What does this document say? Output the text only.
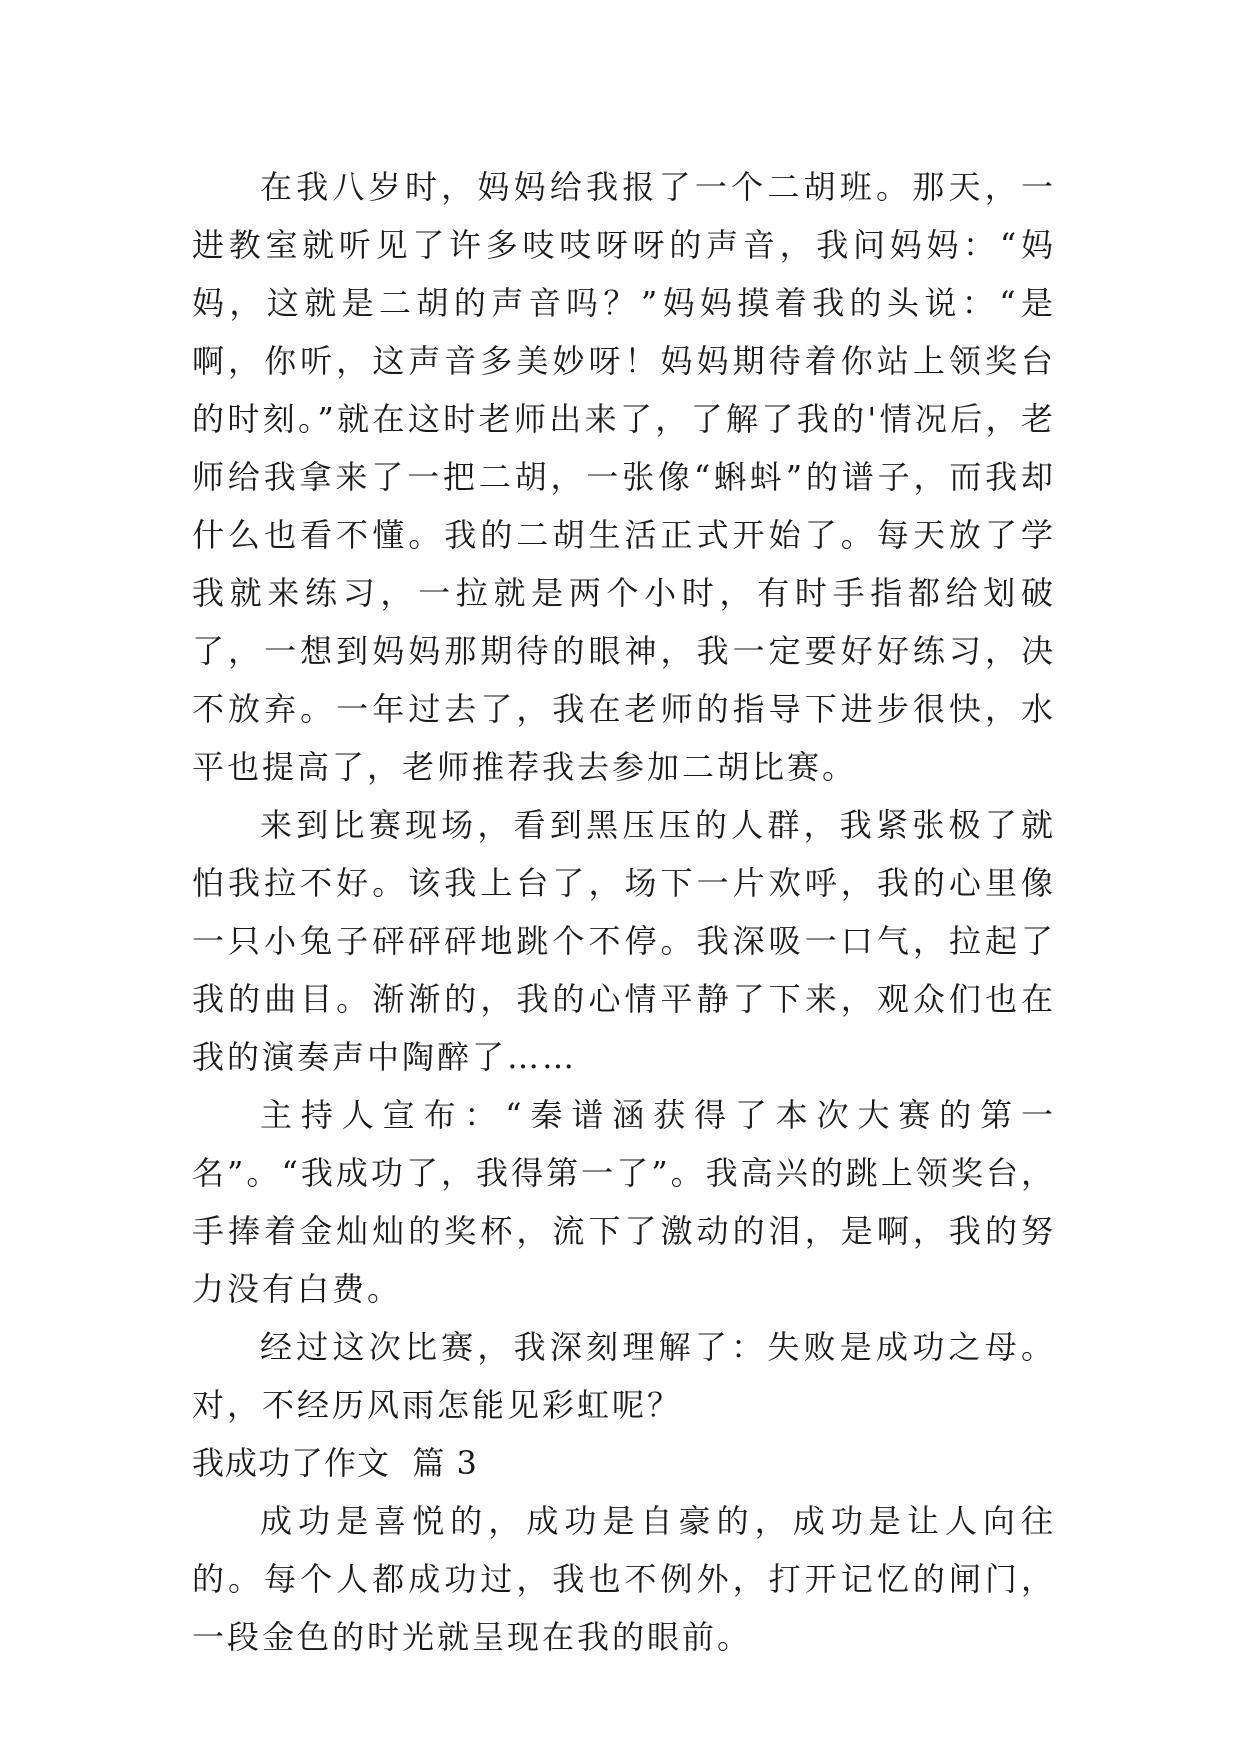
在我八岁时，妈妈给我报了一个二胡班。那天，一进教室就听见了许多吱吱呀呀的声音，我问妈妈：“妈妈，这就是二胡的声音吗？”妈妈摸着我的头说：“是啊，你听，这声音多美妙呀！妈妈期待着你站上领奖台的时刻。”就在这时老师出来了，了解了我的'情况后，老师给我拿来了一把二胡，一张像“蝌蚪”的谱子，而我却什么也看不懂。我的二胡生活正式开始了。每天放了学我就来练习，一拉就是两个小时，有时手指都给划破了，一想到妈妈那期待的眼神，我一定要好好练习，决不放弃。一年过去了，我在老师的指导下进步很快，水平也提高了，老师推荐我去参加二胡比赛。

来到比赛现场，看到黑压压的人群，我紧张极了就怕我拉不好。该我上台了，场下一片欢呼，我的心里像一只小兔子砰砰砰地跳个不停。我深吸一口气，拉起了我的曲目。渐渐的，我的心情平静了下来，观众们也在我的演奏声中陶醉了……

主持人宣布：“秦谱涵获得了本次大赛的第一名”。“我成功了，我得第一了”。我高兴的跳上领奖台，手捧着金灿灿的奖杯，流下了激动的泪，是啊，我的努力没有白费。

经过这次比赛，我深刻理解了：失败是成功之母。对，不经历风雨怎能见彩虹呢？

我成功了作文  篇 3

成功是喜悦的，成功是自豪的，成功是让人向往的。每个人都成功过，我也不例外，打开记忆的闸门，一段金色的时光就呈现在我的眼前。
